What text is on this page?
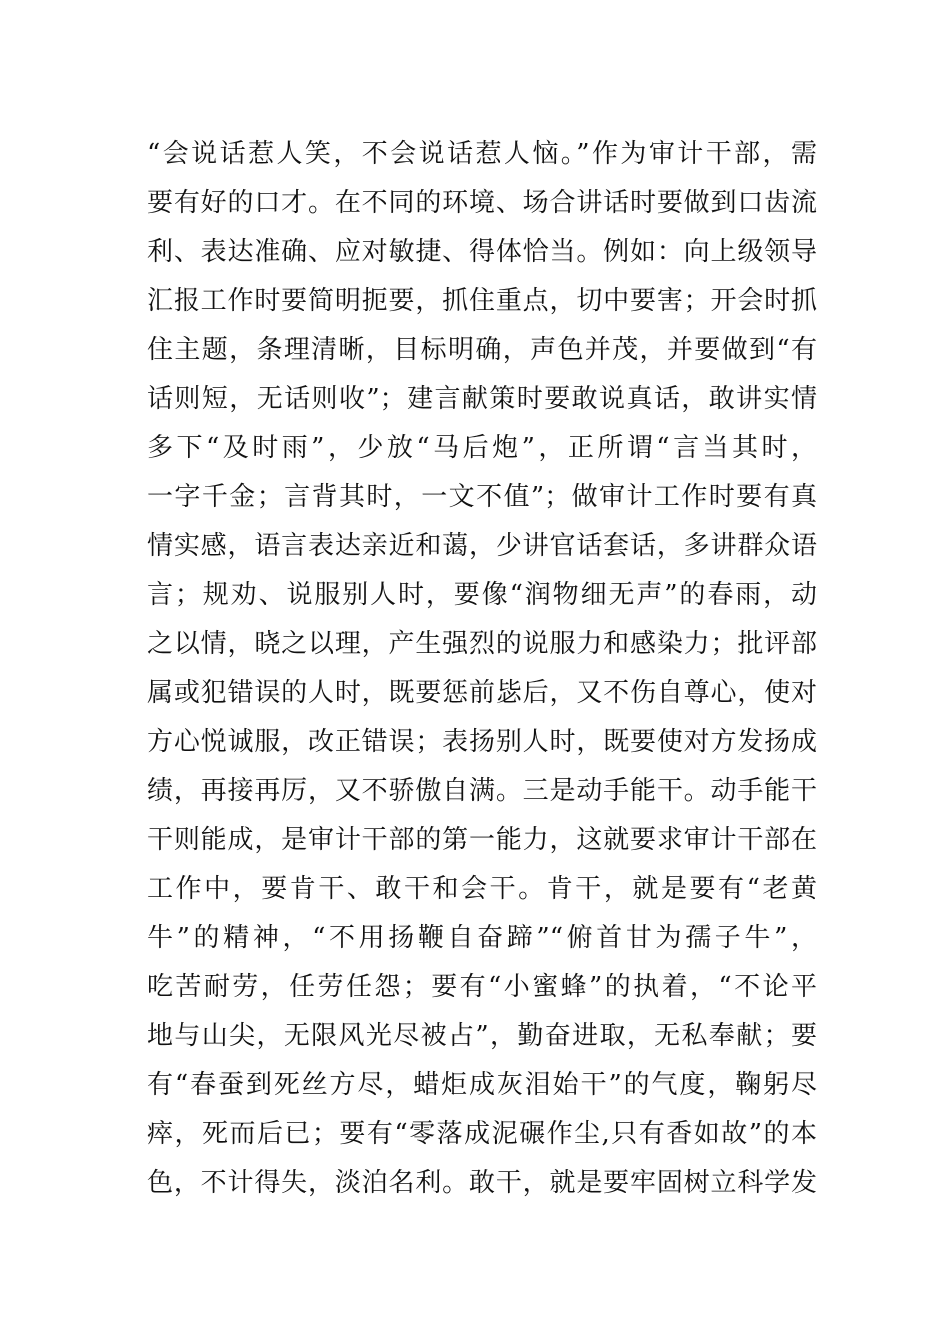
“会说话惹人笑，不会说话惹人恼。”作为审计干部，需
要有好的口才。在不同的环境、场合讲话时要做到口齿流
利、表达准确、应对敏捷、得体恰当。例如：向上级领导
汇报工作时要简明扼要，抓住重点，切中要害；开会时抓
住主题，条理清晰，目标明确，声色并茂，并要做到“有
话则短，无话则收”；建言献策时要敢说真话，敢讲实情
多下“及时雨”，少放“马后炮”，正所谓“言当其时，
一字千金；言背其时，一文不值”；做审计工作时要有真
情实感，语言表达亲近和蔼，少讲官话套话，多讲群众语
言；规劝、说服别人时，要像“润物细无声”的春雨，动
之以情，晓之以理，产生强烈的说服力和感染力；批评部
属或犯错误的人时，既要惩前毖后，又不伤自尊心，使对
方心悦诚服，改正错误；表扬别人时，既要使对方发扬成
绩，再接再厉，又不骄傲自满。三是动手能干。动手能干
干则能成，是审计干部的第一能力，这就要求审计干部在
工作中，要肯干、敢干和会干。肯干，就是要有“老黄
牛”的精神，“不用扬鞭自奋蹄”“俯首甘为孺子牛”，
吃苦耐劳，任劳任怨；要有“小蜜蜂”的执着，“不论平
地与山尖，无限风光尽被占”，勤奋进取，无私奉献；要
有“春蚕到死丝方尽，蜡炬成灰泪始干”的气度，鞠躬尽
瘁，死而后已；要有“零落成泥碾作尘,只有香如故”的本
色，不计得失，淡泊名利。敢干，就是要牢固树立科学发
